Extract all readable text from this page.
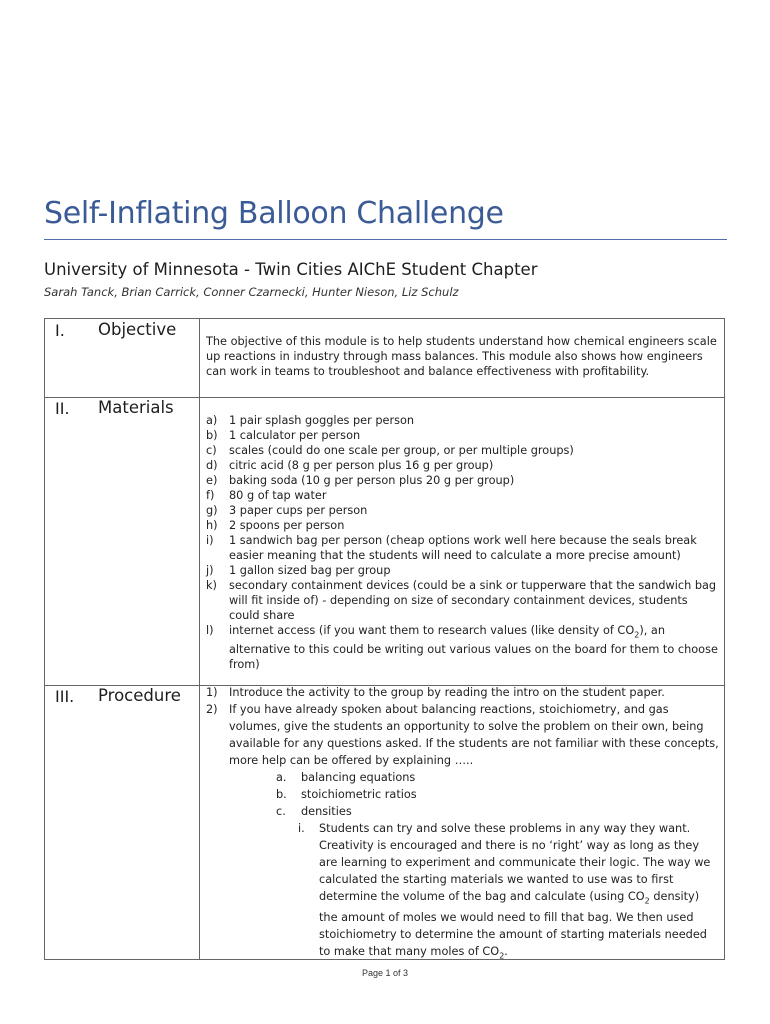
Self-Inflating Balloon Challenge
University of Minnesota - Twin Cities AIChE Student Chapter
Sarah Tanck, Brian Carrick, Conner Czarnecki, Hunter Nieson, Liz Schulz
I. Objective

The objective of this module is to help students understand how chemical engineers scale up reactions in industry through mass balances. This module also shows how engineers can work in teams to troubleshoot and balance effectiveness with profitability.

II. Materials
a) 1 pair splash goggles per person
b) 1 calculator per person
c) scales (could do one scale per group, or per multiple groups)
d) citric acid (8 g per person plus 16 g per group)
e) baking soda (10 g per person plus 20 g per group)
f) 80 g of tap water
g) 3 paper cups per person
h) 2 spoons per person
i) 1 sandwich bag per person (cheap options work well here because the seals break easier meaning that the students will need to calculate a more precise amount)
j) 1 gallon sized bag per group
k) secondary containment devices (could be a sink or tupperware that the sandwich bag will fit inside of) - depending on size of secondary containment devices, students could share
l) internet access (if you want them to research values (like density of $CO_2$), an alternative to this could be writing out various values on the board for them to choose from)
III. Procedure 1) Introduce the activity to the group by reading the intro on the student paper.
2) If you have already spoken about balancing reactions, stoichiometry, and gas volumes, give the students an opportunity to solve the problem on their own, being available for any questions asked. If the students are not familiar with these concepts, more help can be offered by explaining …..
a. balancing equations
b. stoichiometric ratios
c. densities
i. Students can try and solve these problems in any way they want. Creativity is encouraged and there is no ‘right’ way as long as they are learning to experiment and communicate their logic. The way we calculated the starting materials we wanted to use was to first determine the volume of the bag and calculate (using $CO_2$ density) the amount of moles we would need to fill that bag. We then used stoichiometry to determine the amount of starting materials needed to make that many moles of $CO_2$.
Page 1 of 3
